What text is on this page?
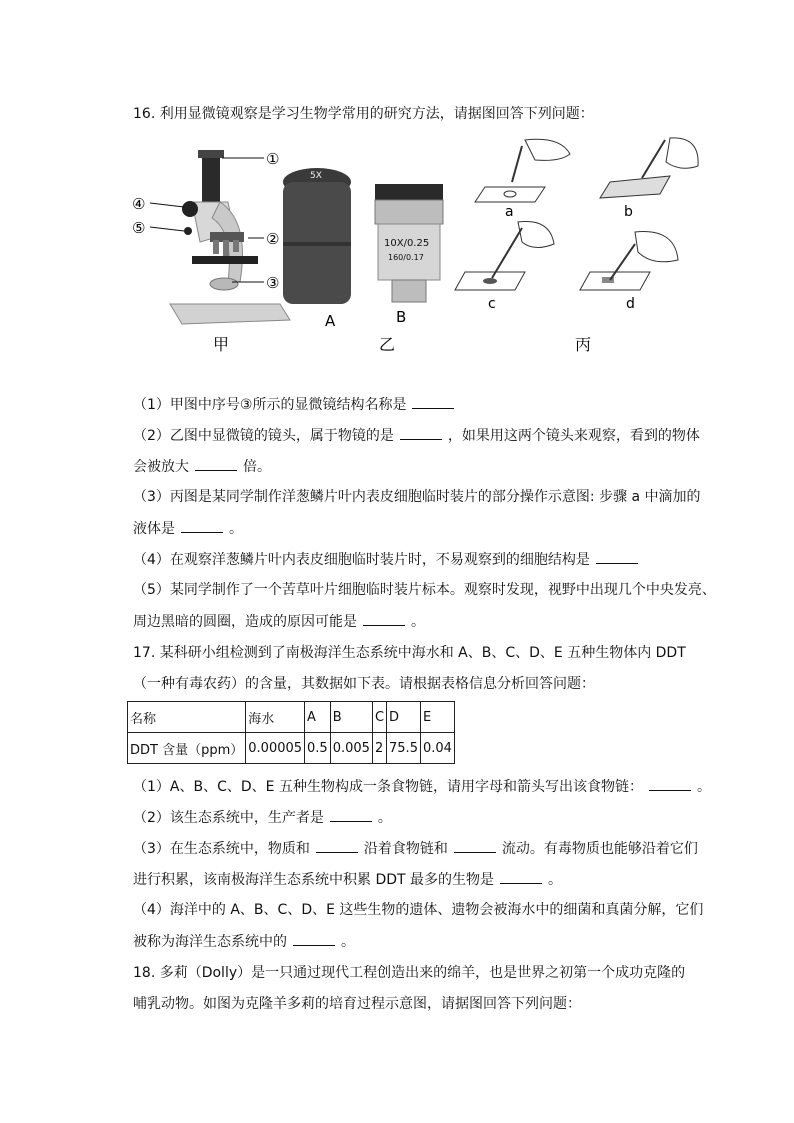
16. 利用显微镜观察是学习生物学常用的研究方法，请据图回答下列问题：
①
②
③
④
⑤
5X
10X/0.25
160/0.17
A	B
a	b
c	d
甲	乙	丙
（1）甲图中序号③所示的显微镜结构名称是
（2）乙图中显微镜的镜头，属于物镜的是	，如果用这两个镜头来观察，看到的物体
会被放大	倍。
（3）丙图是某同学制作洋葱鳞片叶内表皮细胞临时装片的部分操作示意图: 步骤 a 中滴加的
液体是	。
（4）在观察洋葱鳞片叶内表皮细胞临时装片时，不易观察到的细胞结构是
（5）某同学制作了一个苦草叶片细胞临时装片标本。观察时发现，视野中出现几个中央发亮、
周边黑暗的圆圈，造成的原因可能是	。
17. 某科研小组检测到了南极海洋生态系统中海水和 A、B、C、D、E 五种生物体内 DDT
（一种有毒农药）的含量，其数据如下表。请根据表格信息分析回答问题：
名称	海水	A	B	C	D	E
DDT 含量（ppm）	0.00005	0.5	0.005	2	75.5	0.04
（1）A、B、C、D、E 五种生物构成一条食物链，请用字母和箭头写出该食物链：	。
（2）该生态系统中，生产者是	。
（3）在生态系统中，物质和	沿着食物链和	流动。有毒物质也能够沿着它们
进行积累，该南极海洋生态系统中积累 DDT 最多的生物是	。
（4）海洋中的 A、B、C、D、E 这些生物的遗体、遗物会被海水中的细菌和真菌分解，它们
被称为海洋生态系统中的	。
18. 多莉（Dolly）是一只通过现代工程创造出来的绵羊，也是世界之初第一个成功克隆的
哺乳动物。如图为克隆羊多莉的培育过程示意图，请据图回答下列问题：
